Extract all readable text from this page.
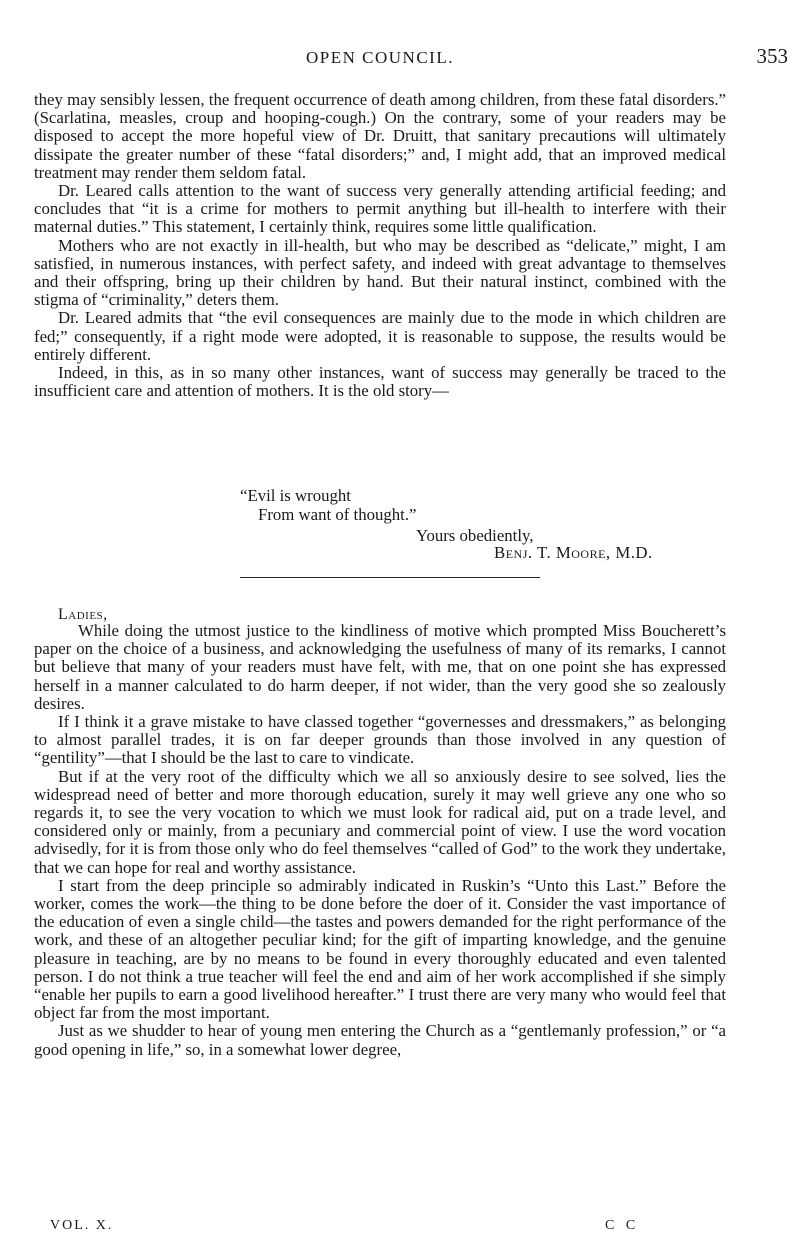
OPEN COUNCIL.	353

they may sensibly lessen, the frequent occurrence of death among children, from these fatal disorders.” (Scarlatina, measles, croup and hooping-cough.) On the contrary, some of your readers may be disposed to accept the more hopeful view of Dr. Druitt, that sanitary precautions will ultimately dissipate the greater number of these “fatal disorders;” and, I might add, that an improved medical treatment may render them seldom fatal.

Dr. Leared calls attention to the want of success very generally attending artificial feeding; and concludes that “it is a crime for mothers to permit anything but ill-health to interfere with their maternal duties.” This statement, I certainly think, requires some little qualification.

Mothers who are not exactly in ill-health, but who may be described as “delicate,” might, I am satisfied, in numerous instances, with perfect safety, and indeed with great advantage to themselves and their offspring, bring up their children by hand. But their natural instinct, combined with the stigma of “criminality,” deters them.

Dr. Leared admits that “the evil consequences are mainly due to the mode in which children are fed;” consequently, if a right mode were adopted, it is reasonable to suppose, the results would be entirely different.

Indeed, in this, as in so many other instances, want of success may generally be traced to the insufficient care and attention of mothers. It is the old story—

“Evil is wrought
From want of thought.”
Yours obediently,
Benj. T. Moore, M.D.
Ladies,

While doing the utmost justice to the kindliness of motive which prompted Miss Boucherett’s paper on the choice of a business, and acknowledging the usefulness of many of its remarks, I cannot but believe that many of your readers must have felt, with me, that on one point she has expressed herself in a manner calculated to do harm deeper, if not wider, than the very good she so zealously desires.

If I think it a grave mistake to have classed together “governesses and dressmakers,” as belonging to almost parallel trades, it is on far deeper grounds than those involved in any question of “gentility”—that I should be the last to care to vindicate.

But if at the very root of the difficulty which we all so anxiously desire to see solved, lies the widespread need of better and more thorough education, surely it may well grieve any one who so regards it, to see the very vocation to which we must look for radical aid, put on a trade level, and considered only or mainly, from a pecuniary and commercial point of view. I use the word vocation advisedly, for it is from those only who do feel themselves “called of God” to the work they undertake, that we can hope for real and worthy assistance.

I start from the deep principle so admirably indicated in Ruskin’s “Unto this Last.” Before the worker, comes the work—the thing to be done before the doer of it. Consider the vast importance of the education of even a single child—the tastes and powers demanded for the right performance of the work, and these of an altogether peculiar kind; for the gift of imparting knowledge, and the genuine pleasure in teaching, are by no means to be found in every thoroughly educated and even talented person. I do not think a true teacher will feel the end and aim of her work accomplished if she simply “enable her pupils to earn a good livelihood hereafter.” I trust there are very many who would feel that object far from the most important.

Just as we shudder to hear of young men entering the Church as a “gentlemanly profession,” or “a good opening in life,” so, in a somewhat lower degree,

VOL. X.	C C
